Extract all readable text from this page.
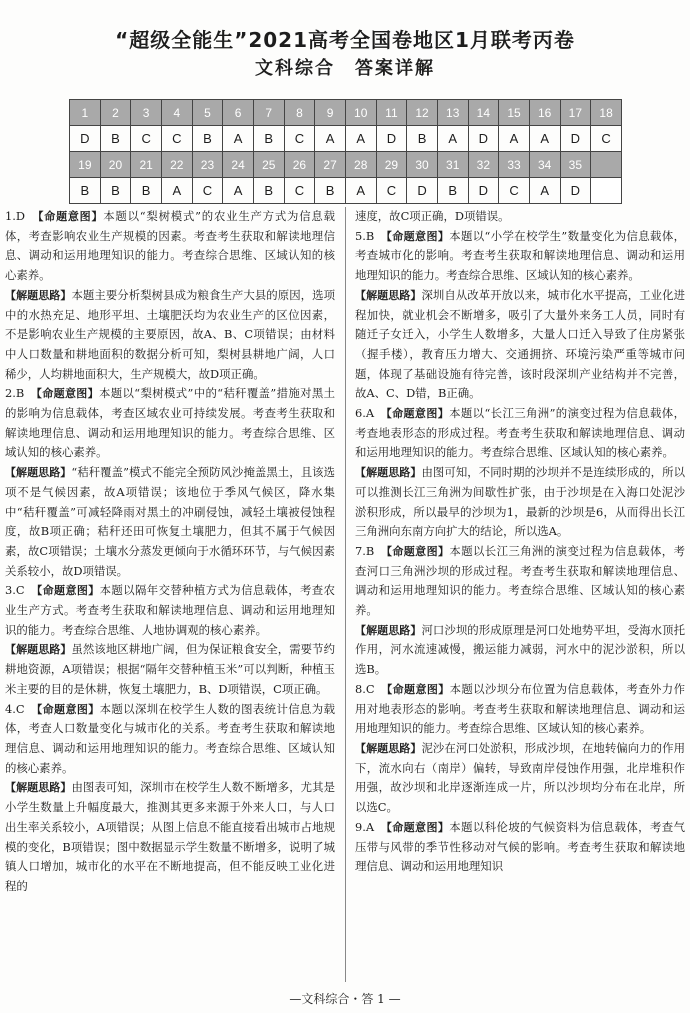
“超级全能生”2021高考全国卷地区1月联考丙卷
文科综合　答案详解
1	2	3	4	5	6	7	8	9	10	11	12	13	14	15	16	17	18
D	B	C	C	B	A	B	C	A	A	D	B	A	D	A	A	D	C
19	20	21	22	23	24	25	26	27	28	29	30	31	32	33	34	35	
B	B	B	A	C	A	B	C	B	A	C	D	B	D	C	A	D	

1.D　【命题意图】本题以“梨树模式”的农业生产方式为信息载体，考查影响农业生产规模的因素。考查考生获取和解读地理信息、调动和运用地理知识的能力。考查综合思维、区域认知的核心素养。

【解题思路】本题主要分析梨树县成为粮食生产大县的原因，选项中的水热充足、地形平坦、土壤肥沃均为农业生产的区位因素，不是影响农业生产规模的主要原因，故A、B、C项错误；由材料中人口数量和耕地面积的数据分析可知，梨树县耕地广阔，人口稀少，人均耕地面积大，生产规模大，故D项正确。

2.B　【命题意图】本题以“梨树模式”中的“秸秆覆盖”措施对黑土的影响为信息载体，考查区域农业可持续发展。考查考生获取和解读地理信息、调动和运用地理知识的能力。考查综合思维、区域认知的核心素养。

【解题思路】“秸秆覆盖”模式不能完全预防风沙掩盖黑土，且该选项不是气候因素，故A项错误；该地位于季风气候区，降水集中“秸秆覆盖”可减轻降雨对黑土的冲刷侵蚀，减轻土壤被侵蚀程度，故B项正确；秸秆还田可恢复土壤肥力，但其不属于气候因素，故C项错误；土壤水分蒸发更倾向于水循环环节，与气候因素关系较小，故D项错误。

3.C　【命题意图】本题以隔年交替种植方式为信息载体，考查农业生产方式。考查考生获取和解读地理信息、调动和运用地理知识的能力。考查综合思维、人地协调观的核心素养。

【解题思路】虽然该地区耕地广阔，但为保证粮食安全，需要节约耕地资源，A项错误；根据“隔年交替种植玉米”可以判断，种植玉米主要的目的是休耕，恢复土壤肥力，B、D项错误，C项正确。

4.C　【命题意图】本题以深圳在校学生人数的图表统计信息为载体，考查人口数量变化与城市化的关系。考查考生获取和解读地理信息、调动和运用地理知识的能力。考查综合思维、区域认知的核心素养。

【解题思路】由图表可知，深圳市在校学生人数不断增多，尤其是小学生数量上升幅度最大，推测其更多来源于外来人口，与人口出生率关系较小，A项错误；从图上信息不能直接看出城市占地规模的变化，B项错误；图中数据显示学生数量不断增多，说明了城镇人口增加，城市化的水平在不断地提高，但不能反映工业化进程的

速度，故C项正确，D项错误。

5.B　【命题意图】本题以“小学在校学生”数量变化为信息载体，考查城市化的影响。考查考生获取和解读地理信息、调动和运用地理知识的能力。考查综合思维、区域认知的核心素养。

【解题思路】深圳自从改革开放以来，城市化水平提高，工业化进程加快，就业机会不断增多，吸引了大量外来务工人员，同时有随迁子女迁入，小学生人数增多，大量人口迁入导致了住房紧张（握手楼），教育压力增大、交通拥挤、环境污染严重等城市问题，体现了基础设施有待完善，该时段深圳产业结构并不完善，故A、C、D错，B正确。

6.A　【命题意图】本题以“长江三角洲”的演变过程为信息载体，考查地表形态的形成过程。考查考生获取和解读地理信息、调动和运用地理知识的能力。考查综合思维、区域认知的核心素养。

【解题思路】由图可知，不同时期的沙坝并不是连续形成的，所以可以推测长江三角洲为间歇性扩张，由于沙坝是在入海口处泥沙淤积形成，所以最早的沙坝为1，最新的沙坝是6，从而得出长江三角洲向东南方向扩大的结论，所以选A。

7.B　【命题意图】本题以长江三角洲的演变过程为信息载体，考查河口三角洲沙坝的形成过程。考查考生获取和解读地理信息、调动和运用地理知识的能力。考查综合思维、区域认知的核心素养。

【解题思路】河口沙坝的形成原理是河口处地势平坦，受海水顶托作用，河水流速减慢，搬运能力减弱，河水中的泥沙淤积，所以选B。

8.C　【命题意图】本题以沙坝分布位置为信息载体，考查外力作用对地表形态的影响。考查考生获取和解读地理信息、调动和运用地理知识的能力。考查综合思维、区域认知的核心素养。

【解题思路】泥沙在河口处淤积，形成沙坝，在地转偏向力的作用下，流水向右（南岸）偏转，导致南岸侵蚀作用强，北岸堆积作用强，故沙坝和北岸逐渐连成一片，所以沙坝均分布在北岸，所以选C。

9.A　【命题意图】本题以科伦坡的气候资料为信息载体，考查气压带与风带的季节性移动对气候的影响。考查考生获取和解读地理信息、调动和运用地理知识

—文科综合・答 1 —
